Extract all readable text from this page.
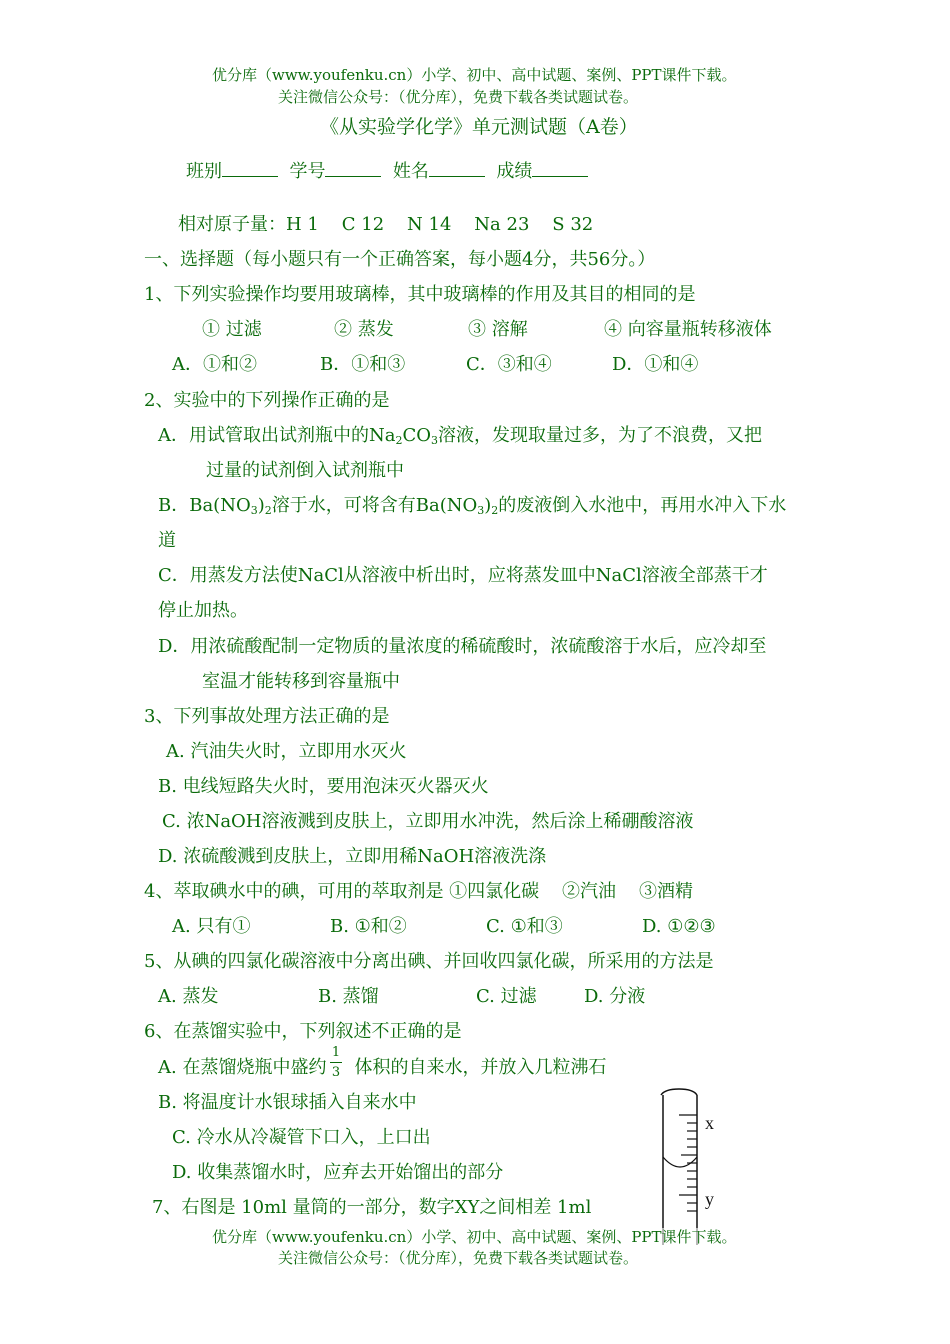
优分库（www.youfenku.cn）小学、初中、高中试题、案例、PPT课件下载。
关注微信公众号：（优分库），免费下载各类试题试卷。
《从实验学化学》单元测试题（A卷）
班别	学号	姓名	成绩
相对原子量：H 1    C 12    N 14    Na 23    S 32
一、选择题（每小题只有一个正确答案，每小题4分，共56分。）
1、下列实验操作均要用玻璃棒，其中玻璃棒的作用及其目的相同的是
① 过滤	② 蒸发	③ 溶解	④ 向容量瓶转移液体
A．①和②	B．①和③	C．③和④	D．①和④
2、实验中的下列操作正确的是
A．用试管取出试剂瓶中的$Na_2CO_3$溶液，发现取量过多，为了不浪费，又把
过量的试剂倒入试剂瓶中
B．$Ba(NO_3)_2$溶于水，可将含有$Ba(NO_3)_2$的废液倒入水池中，再用水冲入下水
道
C．用蒸发方法使NaCl从溶液中析出时，应将蒸发皿中NaCl溶液全部蒸干才
停止加热。
D．用浓硫酸配制一定物质的量浓度的稀硫酸时，浓硫酸溶于水后，应冷却至
室温才能转移到容量瓶中
3、下列事故处理方法正确的是
A. 汽油失火时，立即用水灭火
B. 电线短路失火时，要用泡沫灭火器灭火
C. 浓NaOH溶液溅到皮肤上，立即用水冲洗，然后涂上稀硼酸溶液
D. 浓硫酸溅到皮肤上，立即用稀NaOH溶液洗涤
4、萃取碘水中的碘，可用的萃取剂是 ①四氯化碳    ②汽油    ③酒精
A. 只有①	B. ①和②	C. ①和③	D. ①②③
5、从碘的四氯化碳溶液中分离出碘、并回收四氯化碳，所采用的方法是
A. 蒸发	B. 蒸馏	C. 过滤	D. 分液
6、在蒸馏实验中，下列叙述不正确的是
A. 在蒸馏烧瓶中盛约 体积的自来水，并放入几粒沸石
1
3
B. 将温度计水银球插入自来水中
C. 冷水从冷凝管下口入，上口出
D. 收集蒸馏水时，应弃去开始馏出的部分
7、右图是 10ml 量筒的一部分，数字XY之间相差 1ml
x
y
优分库（www.youfenku.cn）小学、初中、高中试题、案例、PPT课件下载。
关注微信公众号：（优分库），免费下载各类试题试卷。
